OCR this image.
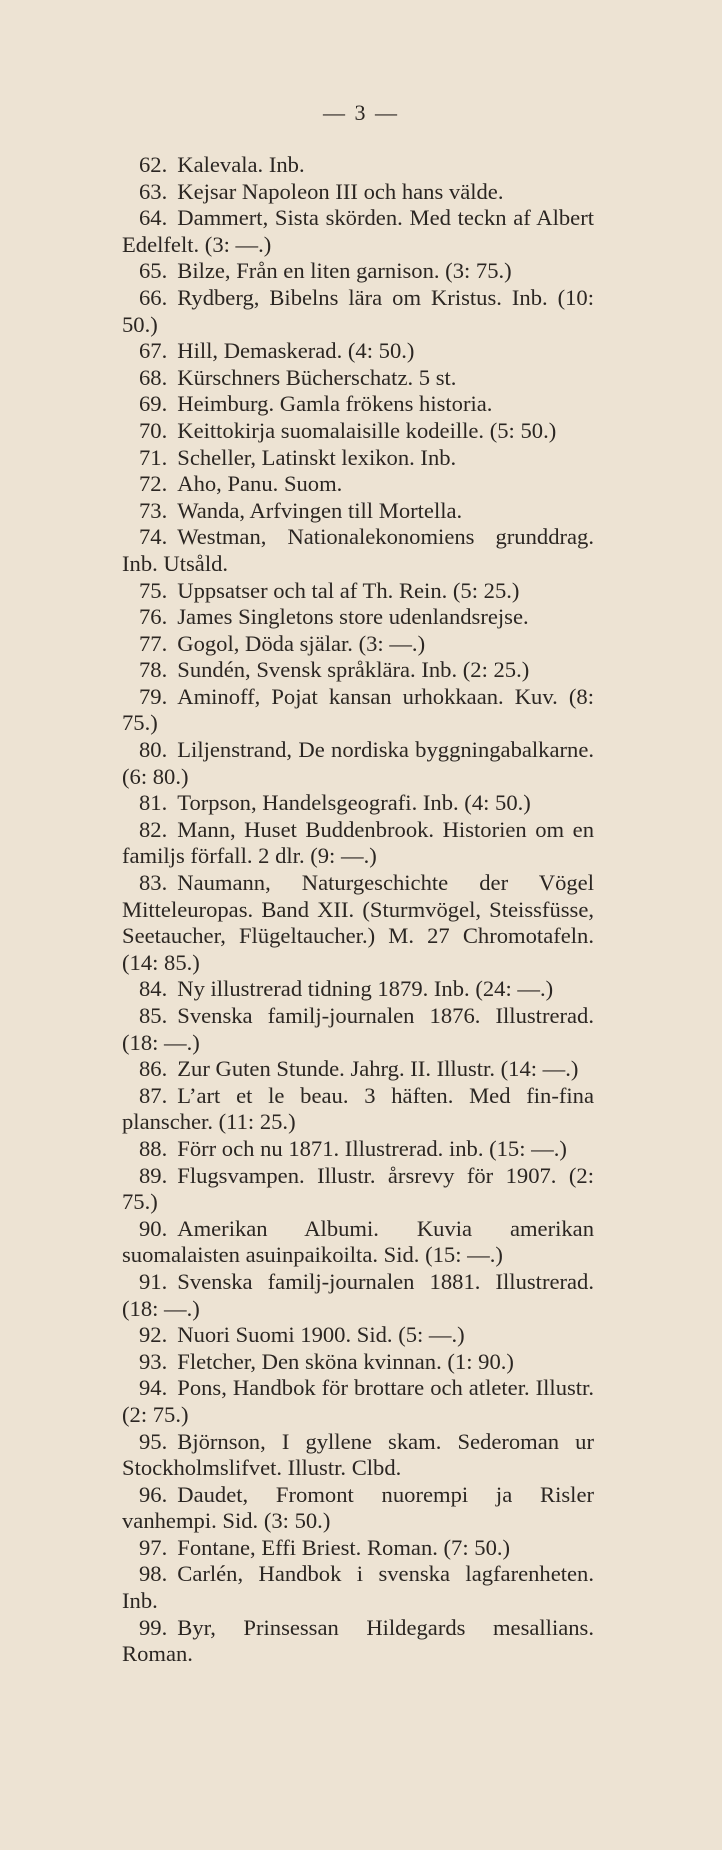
— 3 —

62. Kalevala. Inb.

63. Kejsar Napoleon III och hans välde.

64. Dammert, Sista skörden. Med teckn af Albert Edelfelt. (3: —.)

65. Bilze, Från en liten garnison. (3: 75.)

66. Rydberg, Bibelns lära om Kristus. Inb. (10: 50.)

67. Hill, Demaskerad. (4: 50.)

68. Kürschners Bücherschatz. 5 st.

69. Heimburg. Gamla frökens historia.

70. Keittokirja suomalaisille kodeille. (5: 50.)

71. Scheller, Latinskt lexikon. Inb.

72. Aho, Panu. Suom.

73. Wanda, Arfvingen till Mortella.

74. Westman, Nationalekonomiens grunddrag. Inb. Utsåld.

75. Uppsatser och tal af Th. Rein. (5: 25.)

76. James Singletons store udenlandsrejse.

77. Gogol, Döda själar. (3: —.)

78. Sundén, Svensk språklära. Inb. (2: 25.)

79. Aminoff, Pojat kansan urhokkaan. Kuv. (8: 75.)

80. Liljenstrand, De nordiska byggningabalkarne. (6: 80.)

81. Torpson, Handelsgeografi. Inb. (4: 50.)

82. Mann, Huset Buddenbrook. Historien om en familjs förfall. 2 dlr. (9: —.)

83. Naumann, Naturgeschichte der Vögel Mitteleuropas. Band XII. (Sturmvögel, Steissfüsse, Seetaucher, Flügeltaucher.) M. 27 Chromotafeln. (14: 85.)

84. Ny illustrerad tidning 1879. Inb. (24: —.)

85. Svenska familj-journalen 1876. Illustrerad. (18: —.)

86. Zur Guten Stunde. Jahrg. II. Illustr. (14: —.)

87. L’art et le beau. 3 häften. Med fin-fina planscher. (11: 25.)

88. Förr och nu 1871. Illustrerad. inb. (15: —.)

89. Flugsvampen. Illustr. årsrevy för 1907. (2: 75.)

90. Amerikan Albumi. Kuvia amerikan suomalaisten asuinpaikoilta. Sid. (15: —.)

91. Svenska familj-journalen 1881. Illustrerad. (18: —.)

92. Nuori Suomi 1900. Sid. (5: —.)

93. Fletcher, Den sköna kvinnan. (1: 90.)

94. Pons, Handbok för brottare och atleter. Illustr. (2: 75.)

95. Björnson, I gyllene skam. Sederoman ur Stockholmslifvet. Illustr. Clbd.

96. Daudet, Fromont nuorempi ja Risler vanhempi. Sid. (3: 50.)

97. Fontane, Effi Briest. Roman. (7: 50.)

98. Carlén, Handbok i svenska lagfarenheten. Inb.

99. Byr, Prinsessan Hildegards mesallians. Roman.
